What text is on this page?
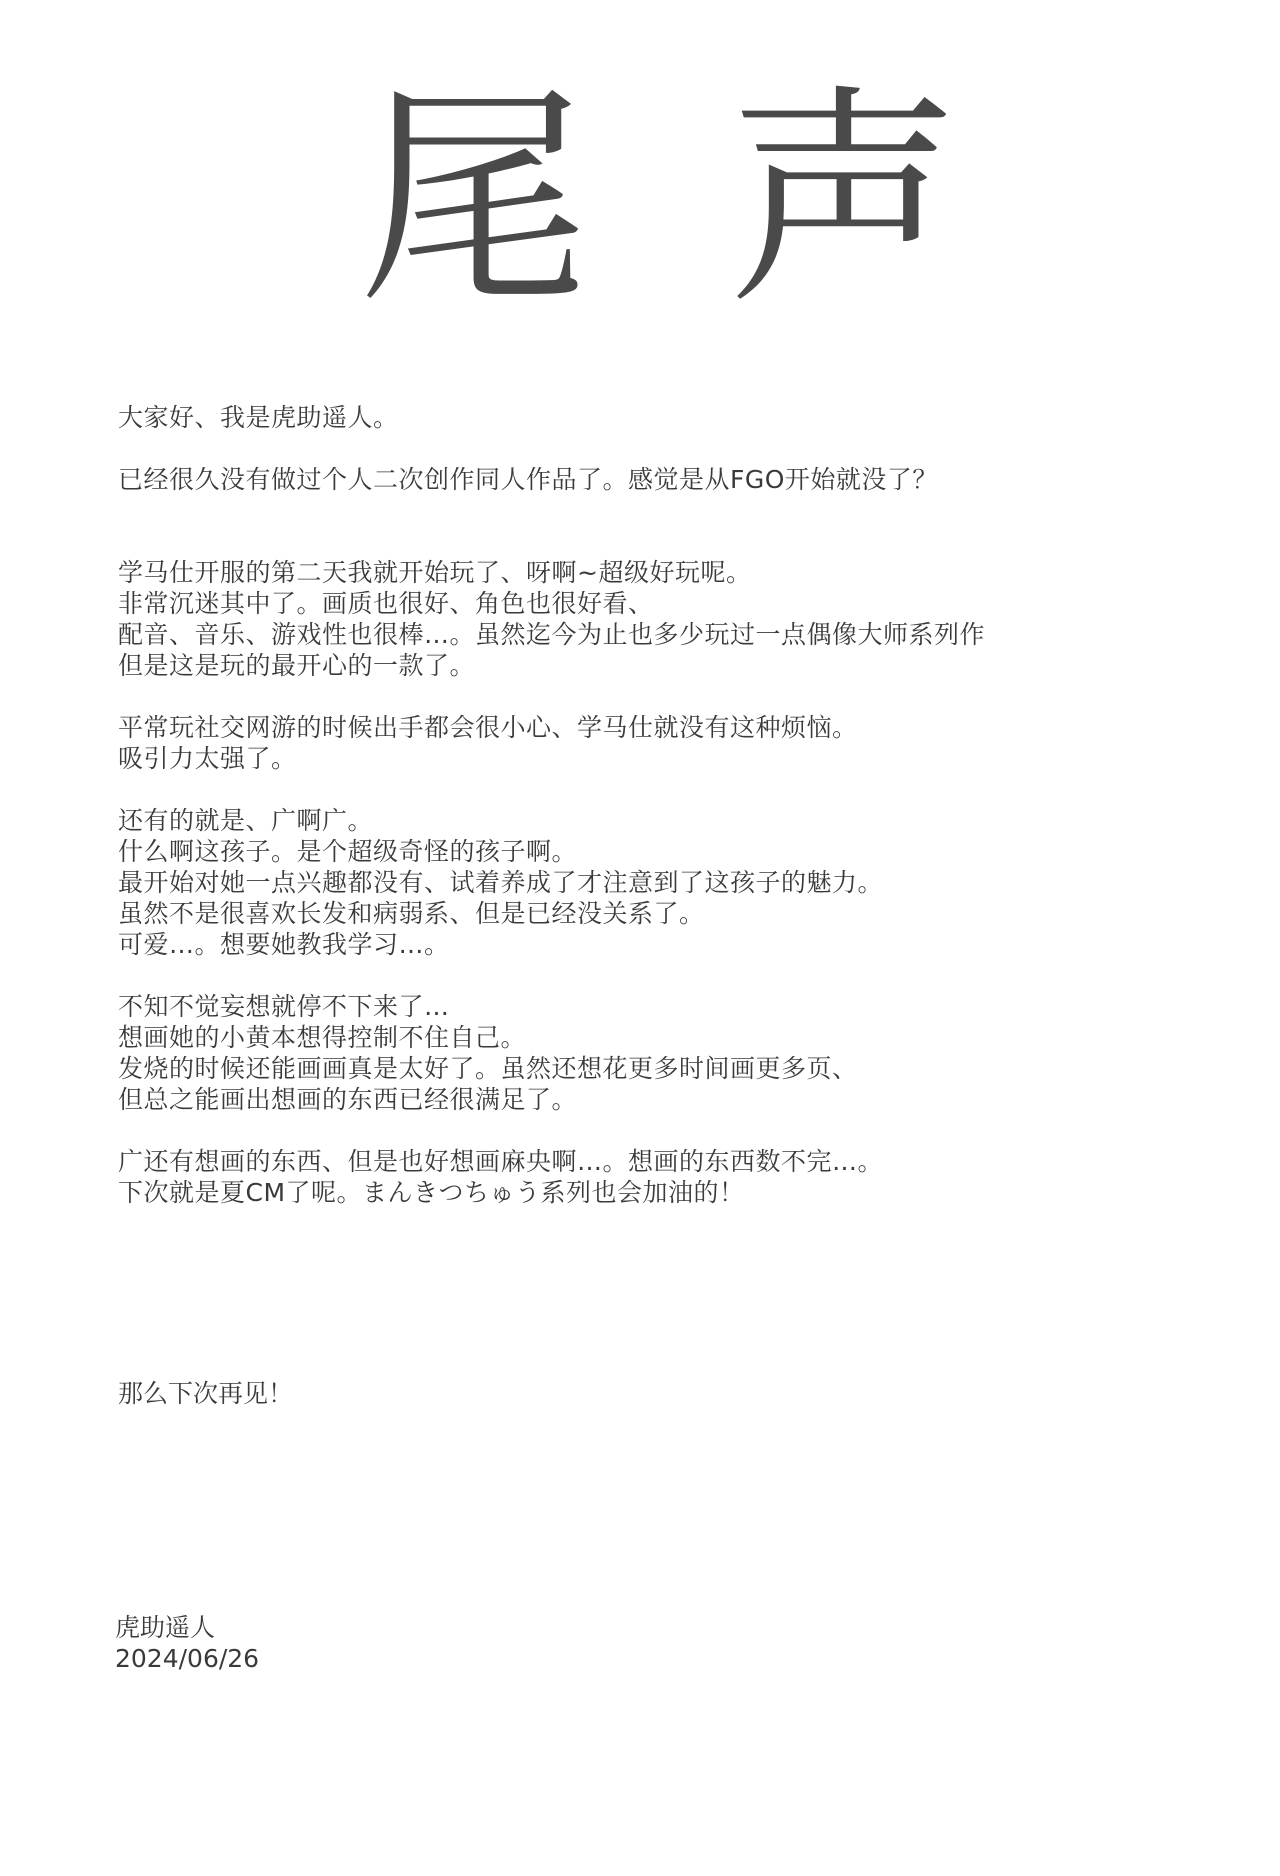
尾 声
大家好、我是虎助遥人。
已经很久没有做过个人二次创作同人作品了。感觉是从FGO开始就没了？
学马仕开服的第二天我就开始玩了、呀啊~超级好玩呢。
非常沉迷其中了。画质也很好、角色也很好看、
配音、音乐、游戏性也很棒…。虽然迄今为止也多少玩过一点偶像大师系列作
但是这是玩的最开心的一款了。
平常玩社交网游的时候出手都会很小心、学马仕就没有这种烦恼。
吸引力太强了。
还有的就是、广啊广。
什么啊这孩子。是个超级奇怪的孩子啊。
最开始对她一点兴趣都没有、试着养成了才注意到了这孩子的魅力。
虽然不是很喜欢长发和病弱系、但是已经没关系了。
可爱…。想要她教我学习…。
不知不觉妄想就停不下来了…
想画她的小黄本想得控制不住自己。
发烧的时候还能画画真是太好了。虽然还想花更多时间画更多页、
但总之能画出想画的东西已经很满足了。
广还有想画的东西、但是也好想画麻央啊…。想画的东西数不完…。
下次就是夏CM了呢。まんきつちゅう系列也会加油的！
那么下次再见！
虎助遥人
2024/06/26
